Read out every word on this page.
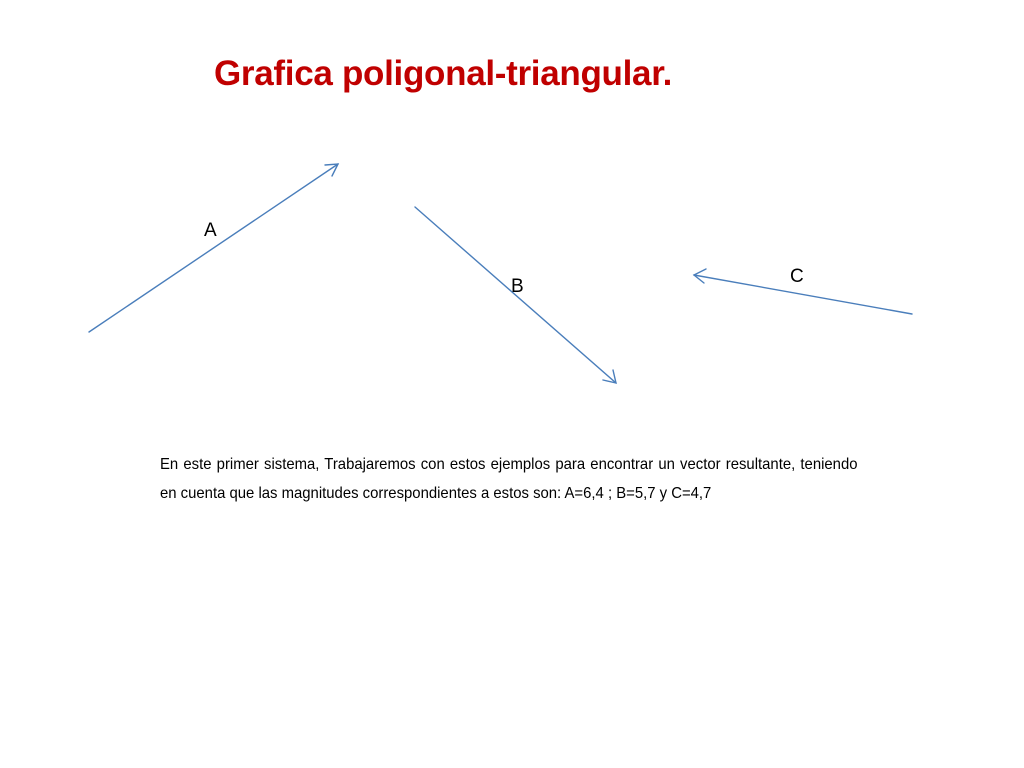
Grafica poligonal-triangular.
A
B	C

En este primer sistema, Trabajaremos con estos ejemplos para encontrar un vector resultante, teniendo en cuenta que las magnitudes correspondientes a estos son: A=6,4 ; B=5,7 y C=4,7
